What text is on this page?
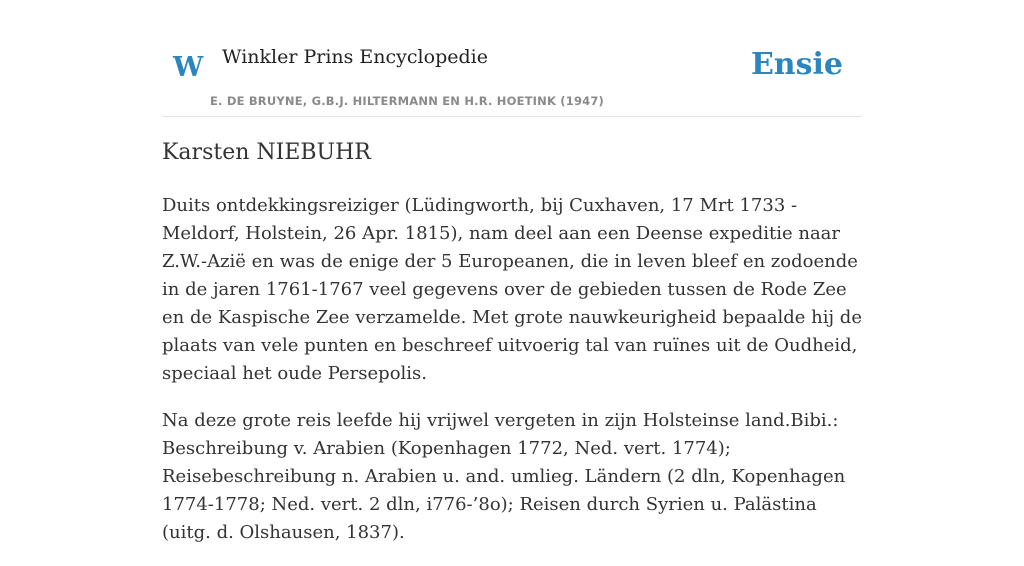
W Winkler Prins Encyclopedie
E. DE BRUYNE, G.B.J. HILTERMANN EN H.R. HOETINK (1947)
Ensie
Karsten NIEBUHR

Duits ontdekkingsreiziger (Lüdingworth, bij Cuxhaven, 17 Mrt 1733 - Meldorf, Holstein, 26 Apr. 1815), nam deel aan een Deense expeditie naar Z.W.-Azië en was de enige der 5 Europeanen, die in leven bleef en zodoende in de jaren 1761-1767 veel gegevens over de gebieden tussen de Rode Zee en de Kaspische Zee verzamelde. Met grote nauwkeurigheid bepaalde hij de plaats van vele punten en beschreef uitvoerig tal van ruïnes uit de Oudheid, speciaal het oude Persepolis.

Na deze grote reis leefde hij vrijwel vergeten in zijn Holsteinse land.Bibi.: Beschreibung v. Arabien (Kopenhagen 1772, Ned. vert. 1774); Reisebeschreibung n. Arabien u. and. umlieg. Ländern (2 dln, Kopenhagen 1774-1778; Ned. vert. 2 dln, i776-’8o); Reisen durch Syrien u. Palästina (uitg. d. Olshausen, 1837).
